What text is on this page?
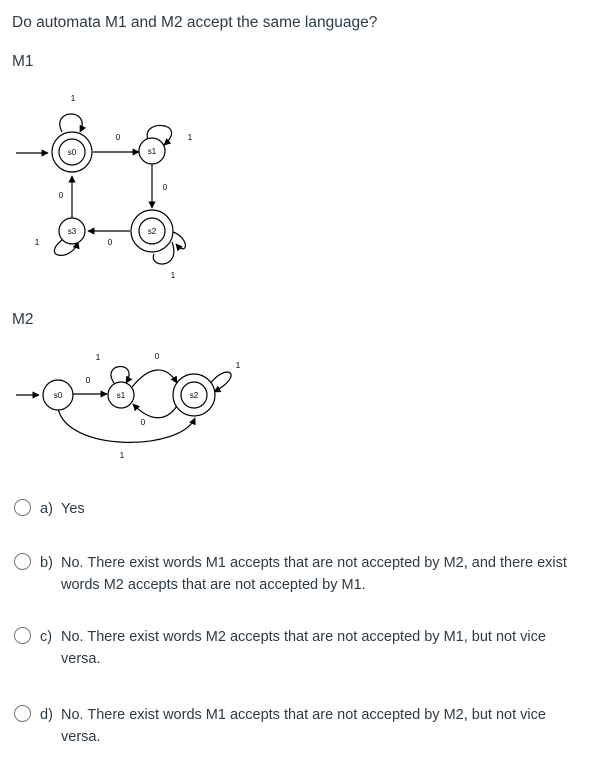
Do automata M1 and M2 accept the same language?
M1
s0	s1
s2
s3
1
0	1
0
1
0
1
0
M2
s0	s1	s2
0
1	0
0
1
1
a) Yes
b) No. There exist words M1 accepts that are not accepted by M2, and there exist words M2 accepts that are not accepted by M1.
c) No. There exist words M2 accepts that are not accepted by M1, but not vice versa.
d) No. There exist words M1 accepts that are not accepted by M2, but not vice versa.
